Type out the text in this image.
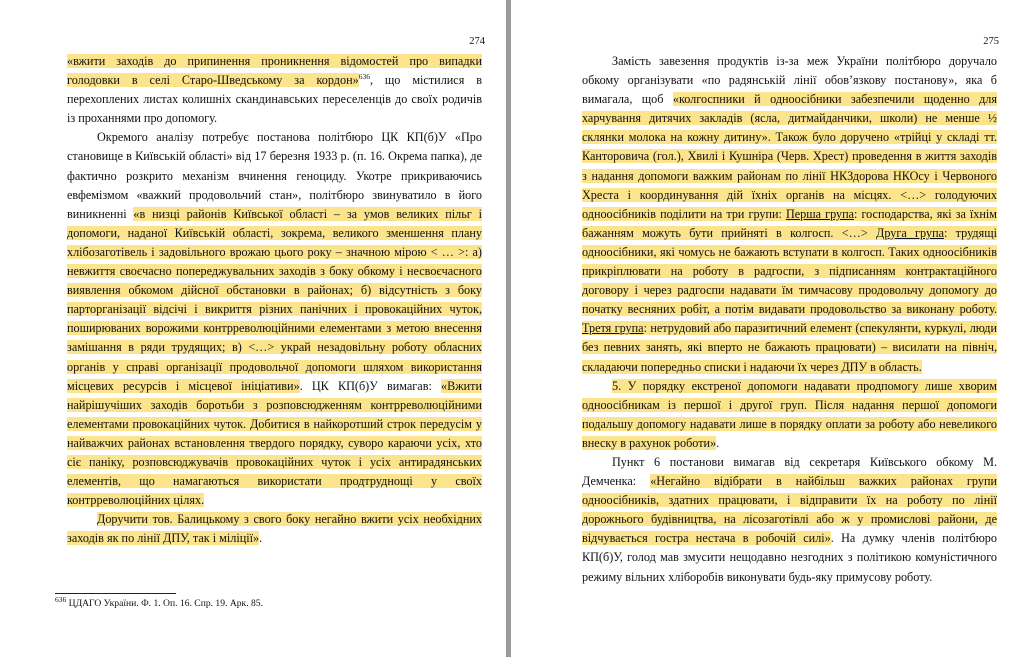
274

«вжити заходів до припинення проникнення відомостей про випадки голодовки в селі Старо-Шведському за кордон»$^{636}$, що містилися в перехоплених листах колишніх скандинавських переселенців до своїх родичів із проханнями про допомогу.

Окремого аналізу потребує постанова політбюро ЦК КП(б)У «Про становище в Київській області» від 17 березня 1933 р. (п. 16. Окрема папка), де фактично розкрито механізм вчинення геноциду. Укотре прикриваючись евфемізмом «важкий продовольчий стан», політбюро звинуватило в його виникненні «в низці районів Київської області – за умов великих пільг і допомоги, наданої Київській області, зокрема, великого зменшення плану хлібозаготівель і задовільного врожаю цього року – значною мірою < … >: а) невжиття своєчасно попереджувальних заходів з боку обкому і несвоєчасного виявлення обкомом дійсної обстановки в районах; б) відсутність з боку парторганізації відсічі і викриття різних панічних і провокаційних чуток, поширюваних ворожими контрреволюційними елементами з метою внесення замішання в ряди трудящих; в) <…> украй незадовільну роботу обласних органів у справі організації продовольчої допомоги шляхом використання місцевих ресурсів і місцевої ініціативи». ЦК КП(б)У вимагав: «Вжити найрішучіших заходів боротьби з розповсюдженням контрреволюційними елементами провокаційних чуток. Добитися в найкоротший строк передусім у найважчих районах встановлення твердого порядку, суворо караючи усіх, хто сіє паніку, розповсюджувачів провокаційних чуток і усіх антирадянських елементів, що намагаються використати продтруднощі у своїх контрреволюційних цілях.

Доручити тов. Балицькому з свого боку негайно вжити усіх необхідних заходів як по лінії ДПУ, так і міліції».

$^{636}$ ЦДАГО України. Ф. 1. Оп. 16. Спр. 19. Арк. 85.
275

Замість завезення продуктів із-за меж України політбюро доручало обкому організувати «по радянській лінії обов’язкову постанову», яка б вимагала, щоб «колгоспники й одноосібники забезпечили щоденно для харчування дитячих закладів (ясла, дитмайданчики, школи) не менше ½ склянки молока на кожну дитину». Також було доручено «трійці у складі тт. Канторовича (гол.), Хвилі і Кушніра (Черв. Хрест) проведення в життя заходів з надання допомоги важким районам по лінії НКЗдорова НКОсу і Червоного Хреста і координування дій їхніх органів на місцях. <…> голодуючих одноосібників поділити на три групи: Перша група: господарства, які за їхнім бажанням можуть бути прийняті в колгосп. <…> Друга група: трудящі одноосібники, які чомусь не бажають вступати в колгосп. Таких одноосібників прикріплювати на роботу в радгоспи, з підписанням контрактаційного договору і через радгоспи надавати їм тимчасову продовольчу допомогу до початку весняних робіт, а потім видавати продовольство за виконану роботу. Третя група: нетрудовий або паразитичний елемент (спекулянти, куркулі, люди без певних занять, які вперто не бажають працювати) – висилати на північ, складаючи попередньо списки і надаючи їх через ДПУ в область.

5. У порядку екстреної допомоги надавати продпомогу лише хворим одноосібникам із першої і другої груп. Після надання першої допомоги подальшу допомогу надавати лише в порядку оплати за роботу або невеликого внеску в рахунок роботи».

Пункт 6 постанови вимагав від секретаря Київського обкому М. Демченка: «Негайно відібрати в найбільш важких районах групи одноосібників, здатних працювати, і відправити їх на роботу по лінії дорожнього будівництва, на лісозаготівлі або ж у промислові райони, де відчувається гостра нестача в робочій силі». На думку членів політбюро КП(б)У, голод мав змусити нещодавно незгодних з політикою комуністичного режиму вільних хліборобів виконувати будь-яку примусову роботу.
